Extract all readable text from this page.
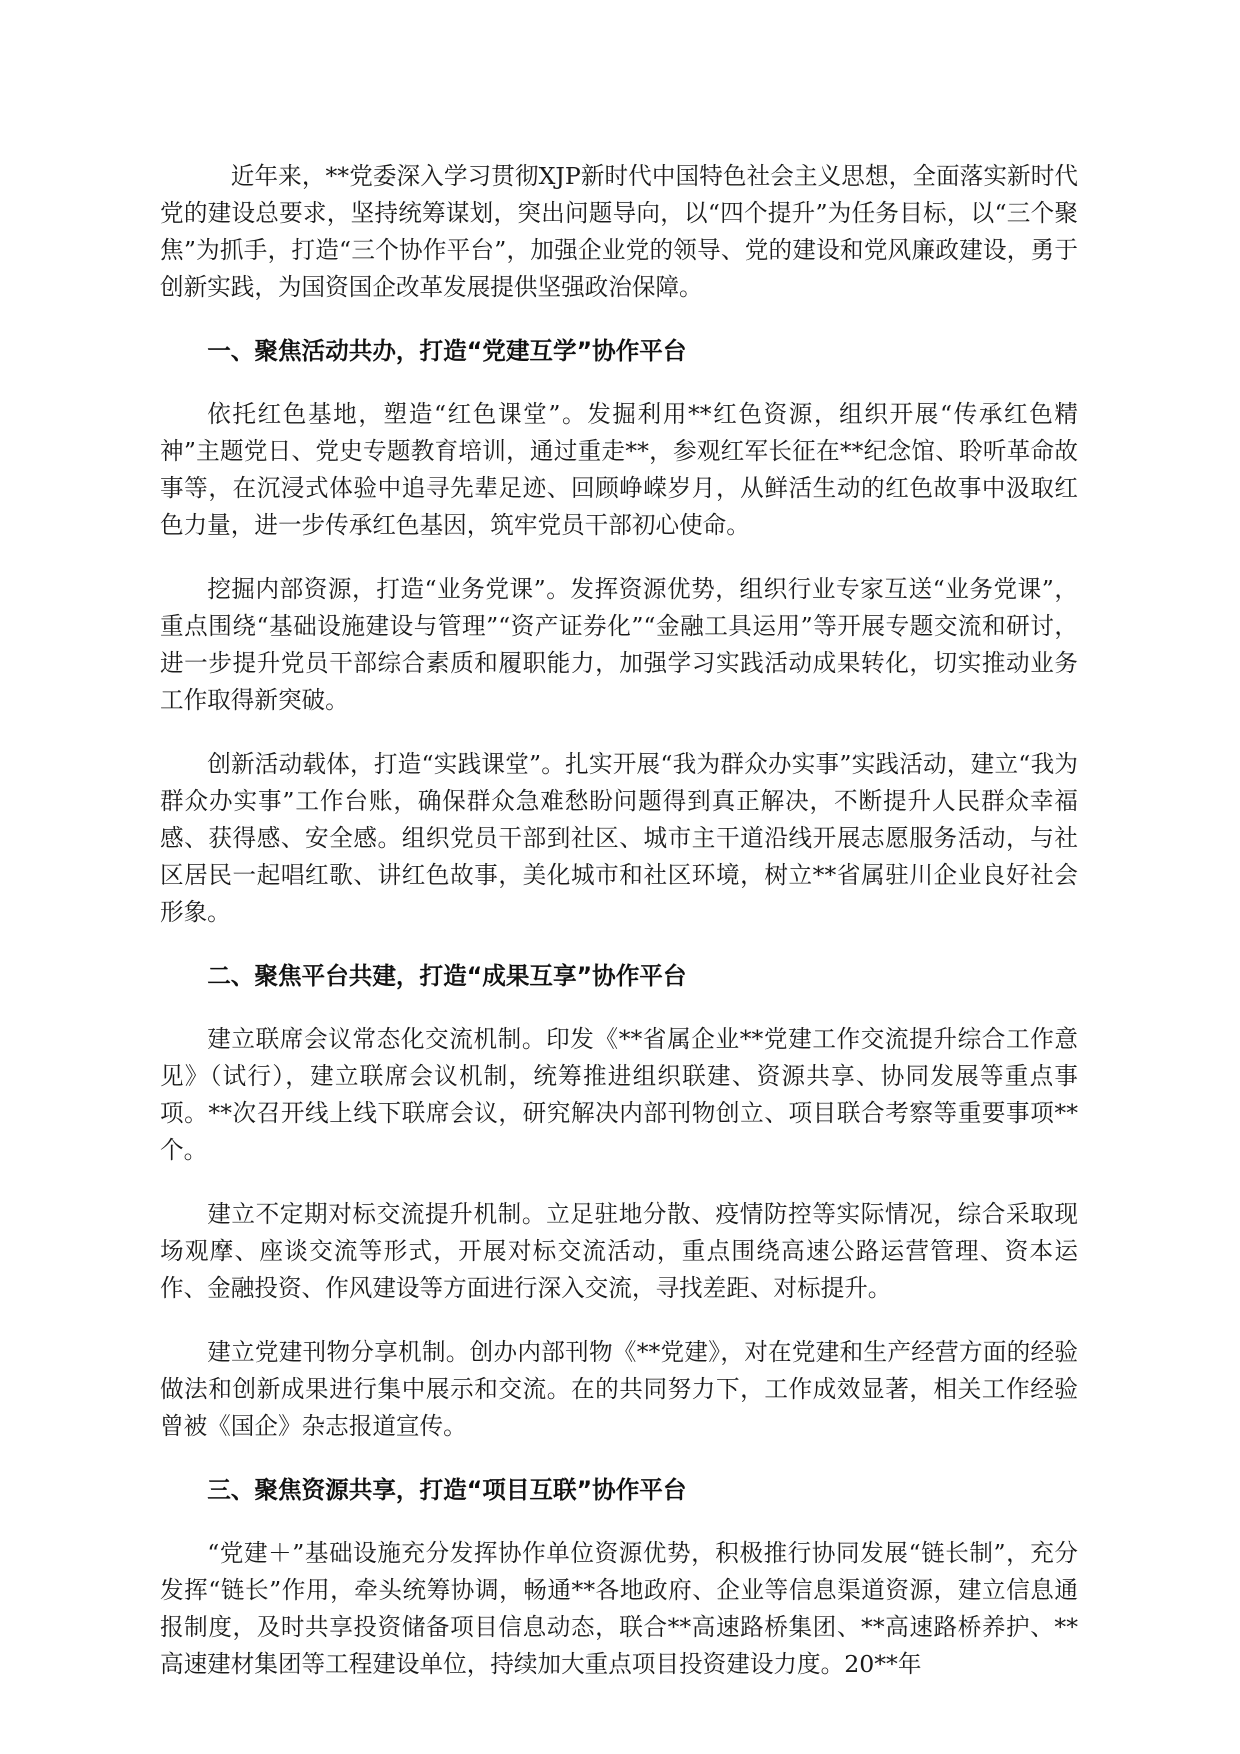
近年来，**党委深入学习贯彻XJP新时代中国特色社会主义思想，全面落实新时代党的建设总要求，坚持统筹谋划，突出问题导向，以“四个提升”为任务目标，以“三个聚焦”为抓手，打造“三个协作平台”，加强企业党的领导、党的建设和党风廉政建设，勇于创新实践，为国资国企改革发展提供坚强政治保障。

一、聚焦活动共办，打造“党建互学”协作平台

依托红色基地，塑造“红色课堂”。发掘利用**红色资源，组织开展“传承红色精神”主题党日、党史专题教育培训，通过重走**，参观红军长征在**纪念馆、聆听革命故事等，在沉浸式体验中追寻先辈足迹、回顾峥嵘岁月，从鲜活生动的红色故事中汲取红色力量，进一步传承红色基因，筑牢党员干部初心使命。

挖掘内部资源，打造“业务党课”。发挥资源优势，组织行业专家互送“业务党课”，重点围绕“基础设施建设与管理”“资产证券化”“金融工具运用”等开展专题交流和研讨，进一步提升党员干部综合素质和履职能力，加强学习实践活动成果转化，切实推动业务工作取得新突破。

创新活动载体，打造“实践课堂”。扎实开展“我为群众办实事”实践活动，建立“我为群众办实事”工作台账，确保群众急难愁盼问题得到真正解决，不断提升人民群众幸福感、获得感、安全感。组织党员干部到社区、城市主干道沿线开展志愿服务活动，与社区居民一起唱红歌、讲红色故事，美化城市和社区环境，树立**省属驻川企业良好社会形象。

二、聚焦平台共建，打造“成果互享”协作平台

建立联席会议常态化交流机制。印发《**省属企业**党建工作交流提升综合工作意见》（试行），建立联席会议机制，统筹推进组织联建、资源共享、协同发展等重点事项。**次召开线上线下联席会议，研究解决内部刊物创立、项目联合考察等重要事项**个。

建立不定期对标交流提升机制。立足驻地分散、疫情防控等实际情况，综合采取现场观摩、座谈交流等形式，开展对标交流活动，重点围绕高速公路运营管理、资本运作、金融投资、作风建设等方面进行深入交流，寻找差距、对标提升。

建立党建刊物分享机制。创办内部刊物《**党建》，对在党建和生产经营方面的经验做法和创新成果进行集中展示和交流。在的共同努力下，工作成效显著，相关工作经验曾被《国企》杂志报道宣传。

三、聚焦资源共享，打造“项目互联”协作平台

“党建＋”基础设施充分发挥协作单位资源优势，积极推行协同发展“链长制”，充分发挥“链长”作用，牵头统筹协调，畅通**各地政府、企业等信息渠道资源，建立信息通报制度，及时共享投资储备项目信息动态，联合**高速路桥集团、**高速路桥养护、**高速建材集团等工程建设单位，持续加大重点项目投资建设力度。20**年
